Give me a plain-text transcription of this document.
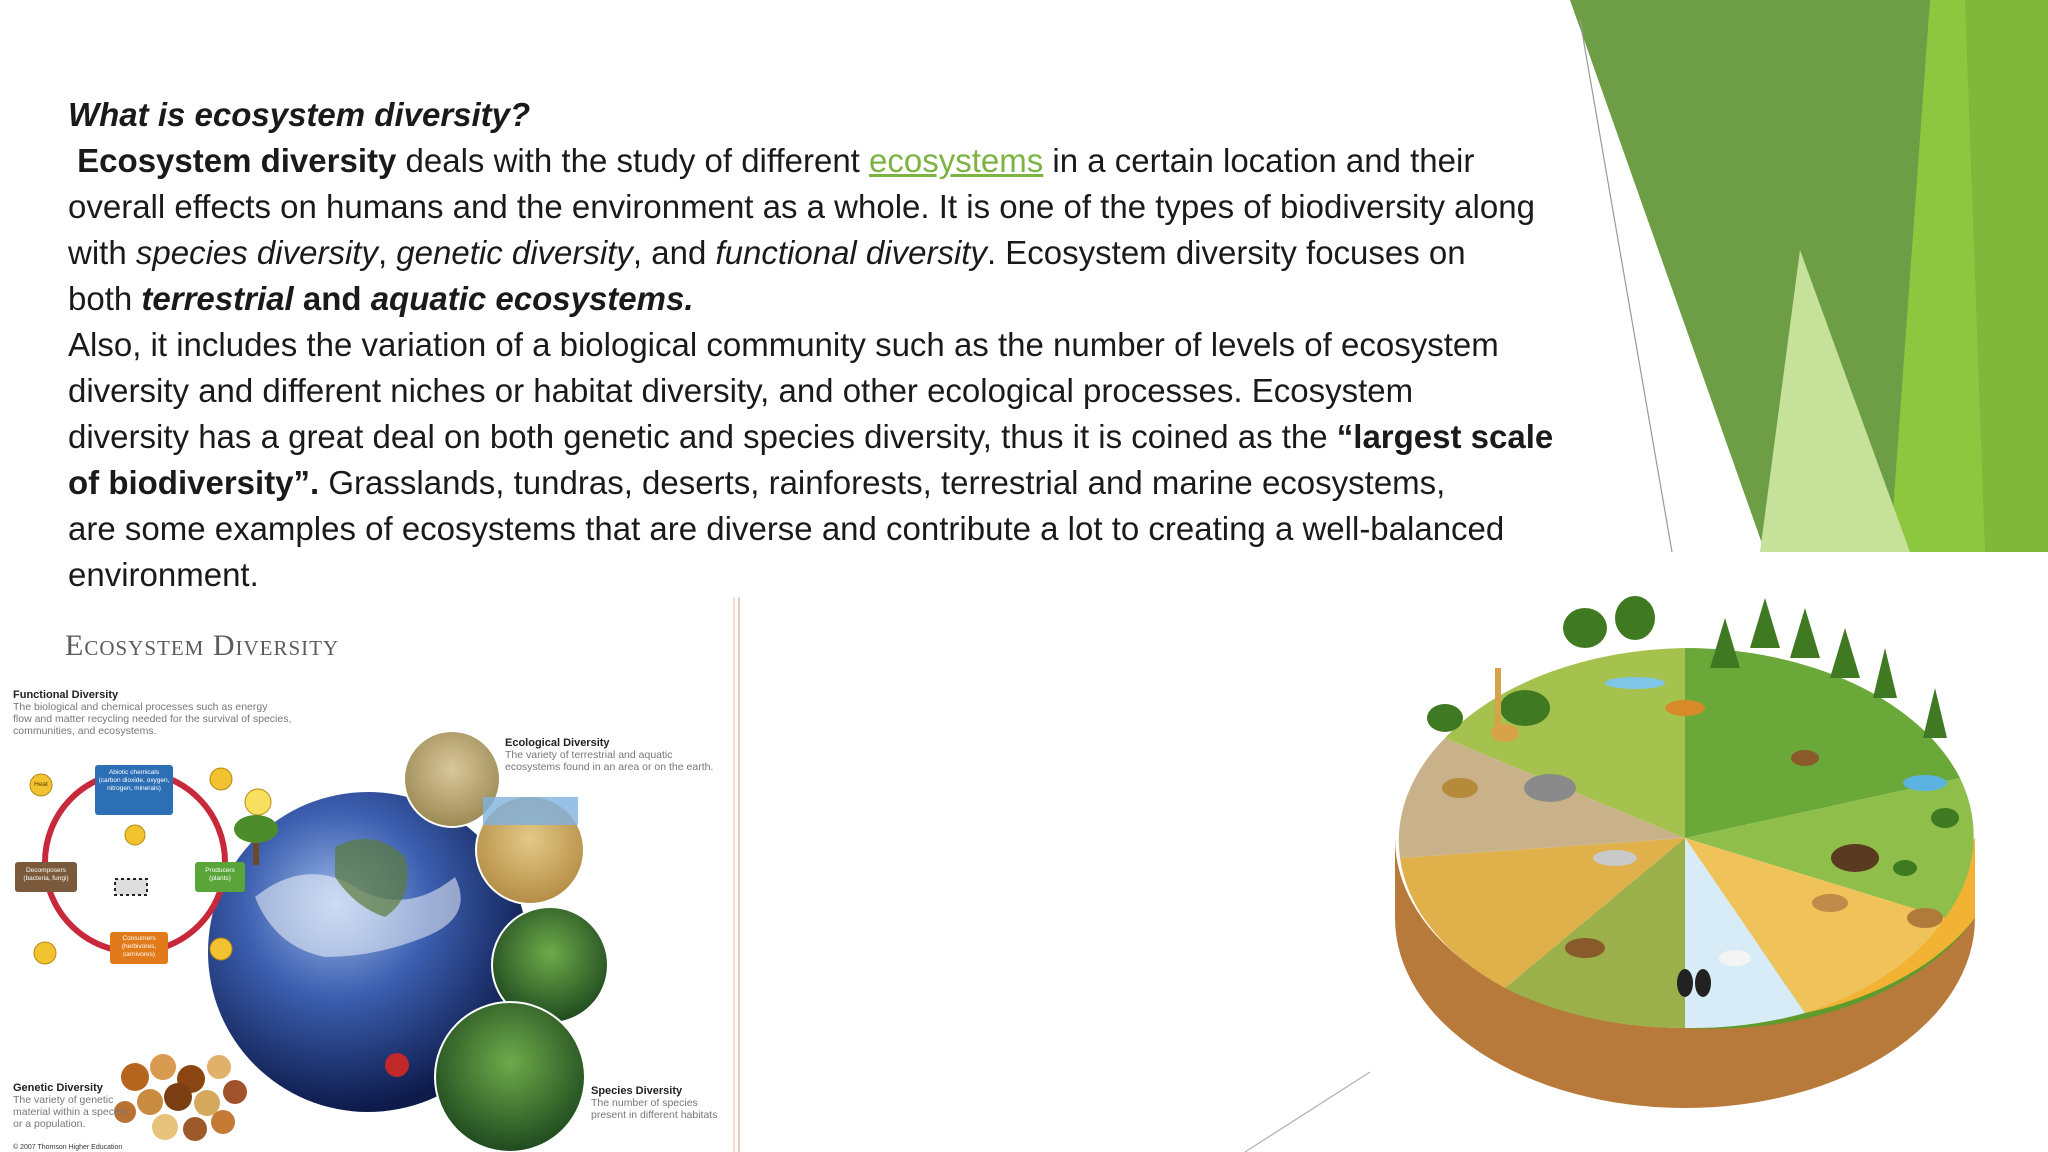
What is ecosystem diversity?

Ecosystem diversity deals with the study of different ecosystems in a certain location and their

overall effects on humans and the environment as a whole. It is one of the types of biodiversity along

with species diversity, genetic diversity, and functional diversity. Ecosystem diversity focuses on

both terrestrial and aquatic ecosystems.

Also, it includes the variation of a biological community such as the number of levels of ecosystem

diversity and different niches or habitat diversity, and other ecological processes. Ecosystem

diversity has a great deal on both genetic and species diversity, thus it is coined as the “largest scale

of biodiversity”. Grasslands, tundras, deserts, rainforests, terrestrial and marine ecosystems,

are some examples of ecosystems that are diverse and contribute a lot to creating a well-balanced

environment.

Ecosystem Diversity
Functional Diversity
The biological and chemical processes such as energy
flow and matter recycling needed for the survival of species,
communities, and ecosystems.
Ecological Diversity
The variety of terrestrial and aquatic
ecosystems found in an area or on the earth.
Genetic Diversity
The variety of genetic
material within a species
or a population.
Species Diversity
The number of species
present in different habitats
Abiotic chemicals (carbon dioxide, oxygen, nitrogen, minerals)
Decomposers (bacteria, fungi)
Producers (plants)
Consumers (herbivores, carnivores)
Heat
© 2007 Thomson Higher Education
